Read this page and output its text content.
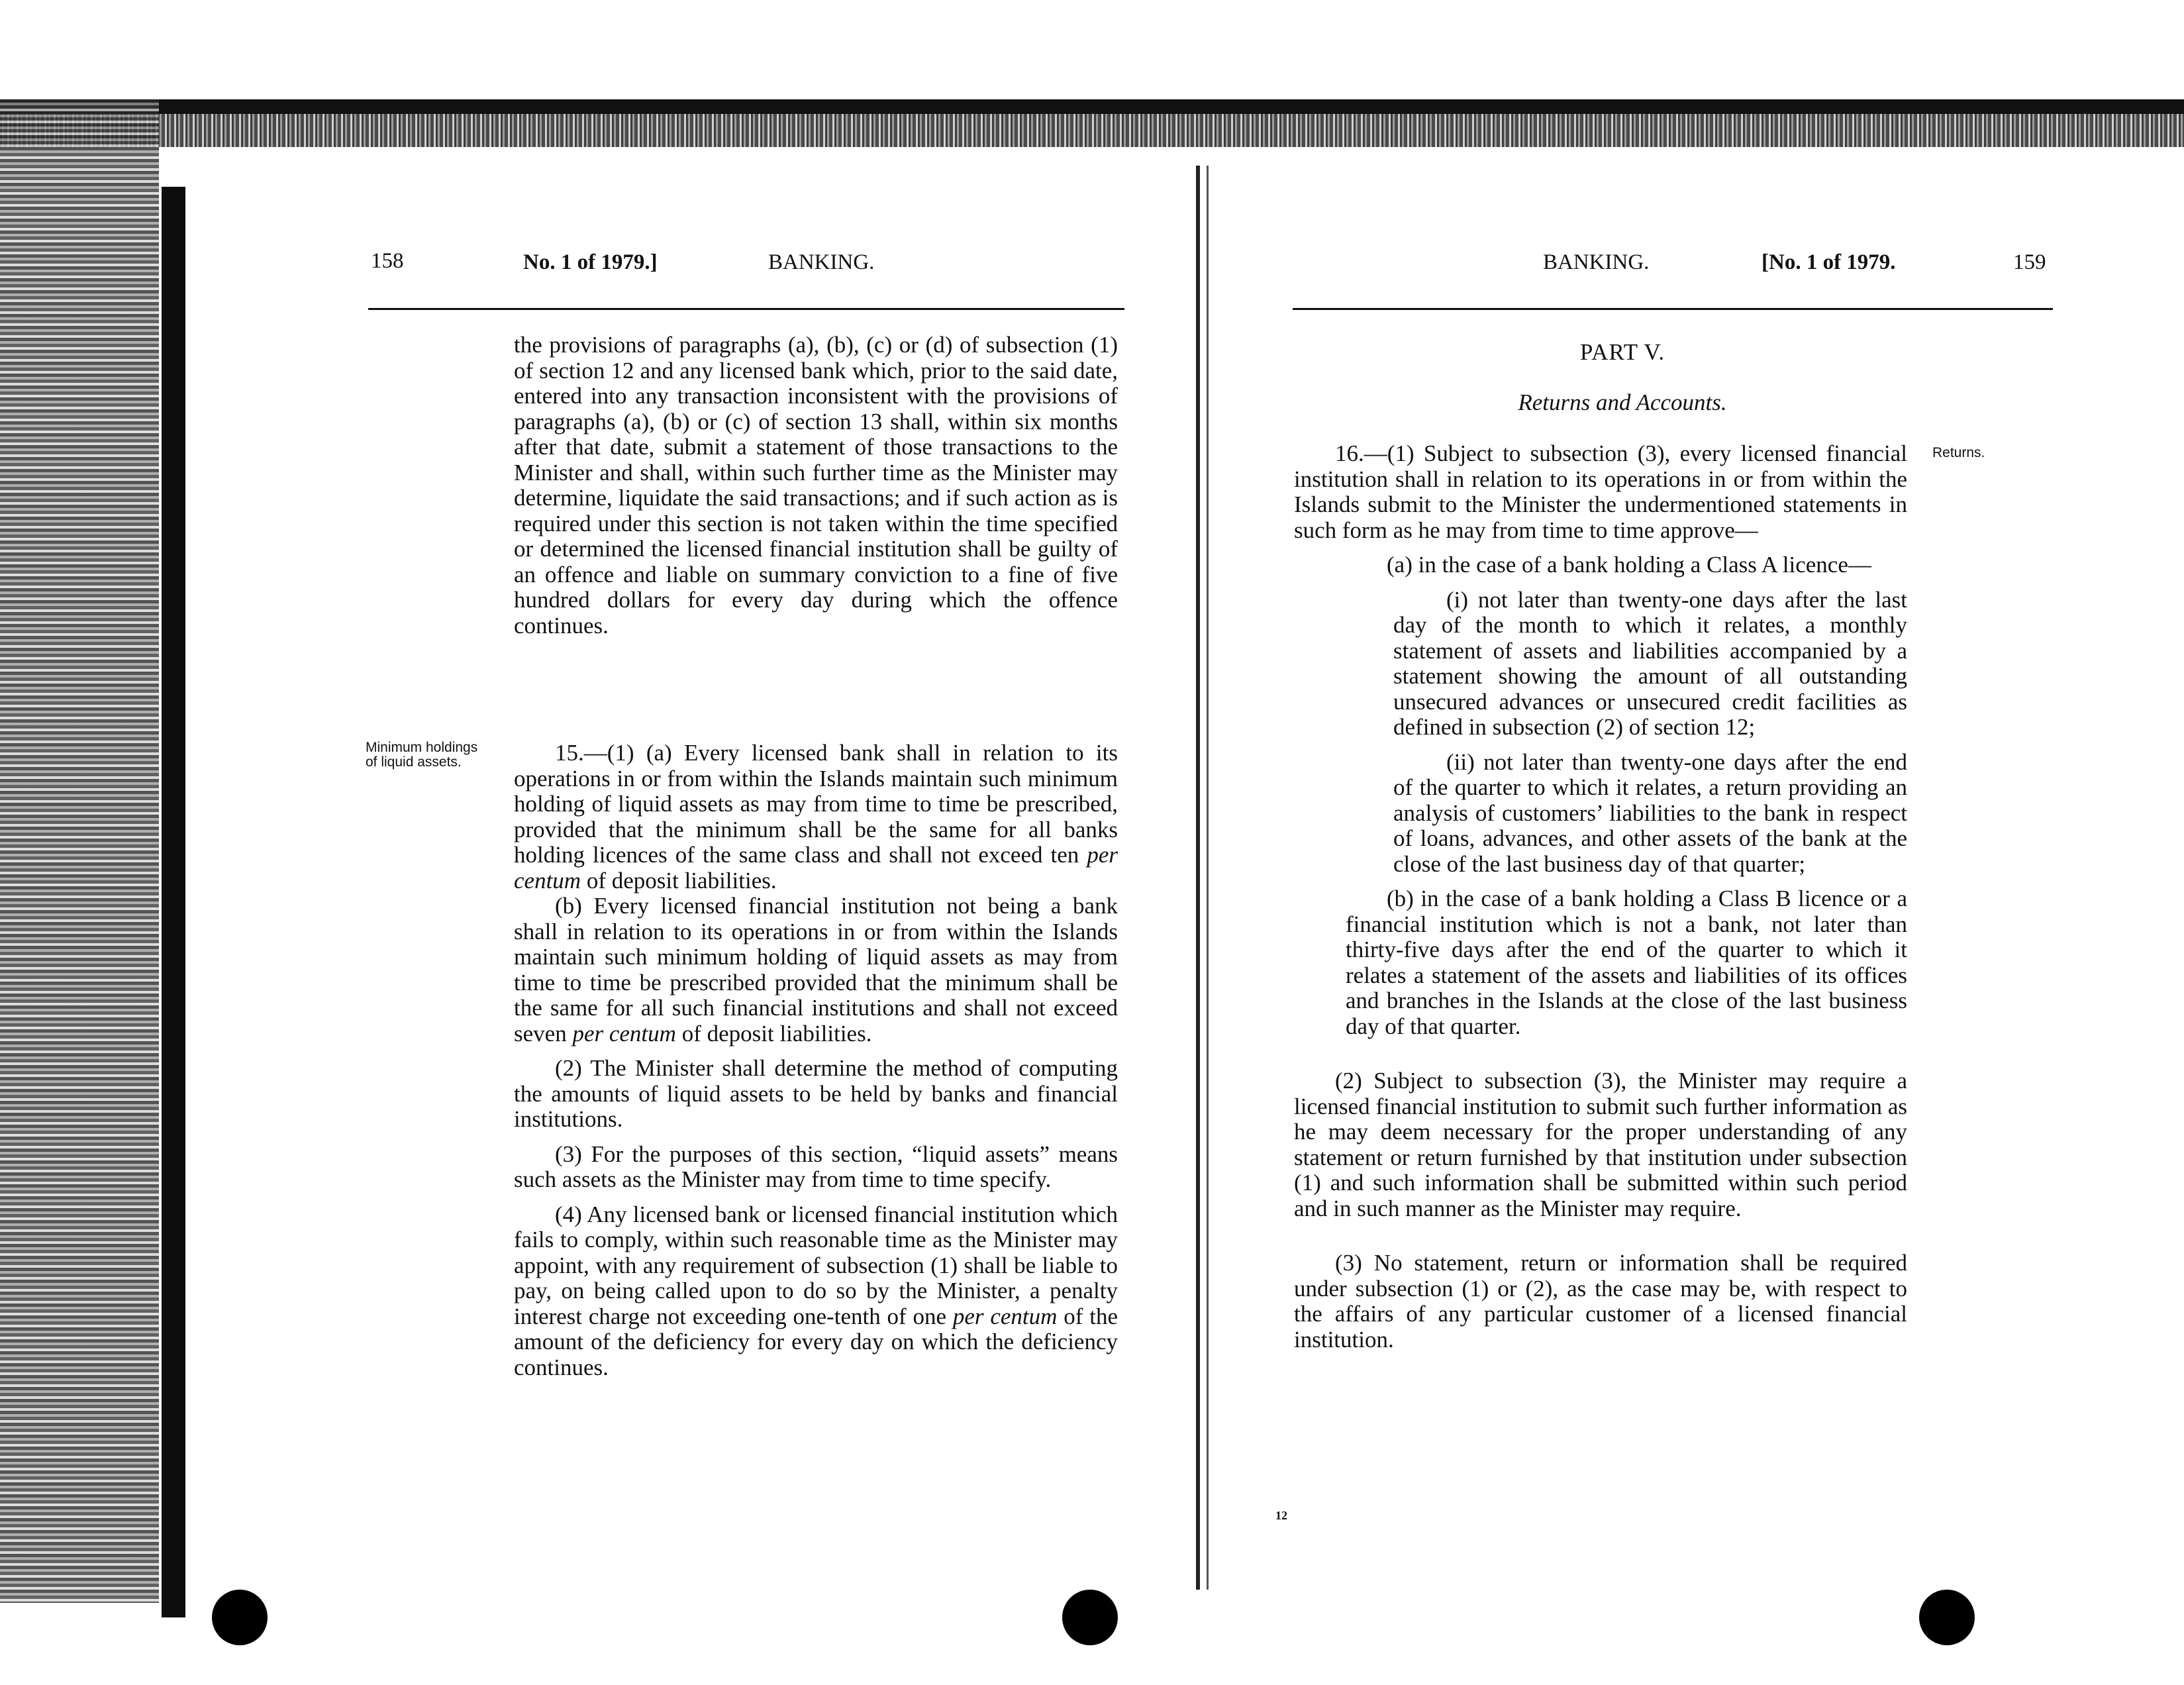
158	No. 1 of 1979.]	BANKING.

the provisions of paragraphs (a), (b), (c) or (d) of subsection (1) of section 12 and any licensed bank which, prior to the said date, entered into any transaction inconsistent with the provisions of paragraphs (a), (b) or (c) of section 13 shall, within six months after that date, submit a statement of those transactions to the Minister and shall, within such further time as the Minister may determine, liquidate the said transactions; and if such action as is required under this section is not taken within the time specified or determined the licensed financial institution shall be guilty of an offence and liable on summary conviction to a fine of five hundred dollars for every day during which the offence continues.

Minimum holdings of liquid assets.	15.—(1) (a) Every licensed bank shall in relation to its operations in or from within the Islands maintain such minimum holding of liquid assets as may from time to time be prescribed, provided that the minimum shall be the same for all banks holding licences of the same class and shall not exceed ten per centum of deposit liabilities.

(b) Every licensed financial institution not being a bank shall in relation to its operations in or from within the Islands maintain such minimum holding of liquid assets as may from time to time be prescribed provided that the minimum shall be the same for all such financial institutions and shall not exceed seven per centum of deposit liabilities.

(2) The Minister shall determine the method of computing the amounts of liquid assets to be held by banks and financial institutions.

(3) For the purposes of this section, “liquid assets” means such assets as the Minister may from time to time specify.

(4) Any licensed bank or licensed financial institution which fails to comply, within such reasonable time as the Minister may appoint, with any requirement of subsection (1) shall be liable to pay, on being called upon to do so by the Minister, a penalty interest charge not exceeding one-tenth of one per centum of the amount of the deficiency for every day on which the deficiency continues.

BANKING.	[No. 1 of 1979.	159
PART V.
Returns and Accounts.
Returns.

16.—(1) Subject to subsection (3), every licensed financial institution shall in relation to its operations in or from within the Islands submit to the Minister the undermentioned statements in such form as he may from time to time approve—

(a) in the case of a bank holding a Class A licence—

(i) not later than twenty-one days after the last day of the month to which it relates, a monthly statement of assets and liabilities accompanied by a statement showing the amount of all outstanding unsecured advances or unsecured credit facilities as defined in subsection (2) of section 12;

(ii) not later than twenty-one days after the end of the quarter to which it relates, a return providing an analysis of customers’ liabilities to the bank in respect of loans, advances, and other assets of the bank at the close of the last business day of that quarter;

(b) in the case of a bank holding a Class B licence or a financial institution which is not a bank, not later than thirty-five days after the end of the quarter to which it relates a statement of the assets and liabilities of its offices and branches in the Islands at the close of the last business day of that quarter.

(2) Subject to subsection (3), the Minister may require a licensed financial institution to submit such further information as he may deem necessary for the proper understanding of any statement or return furnished by that institution under subsection (1) and such information shall be submitted within such period and in such manner as the Minister may require.

(3) No statement, return or information shall be required under subsection (1) or (2), as the case may be, with respect to the affairs of any particular customer of a licensed financial institution.

12
